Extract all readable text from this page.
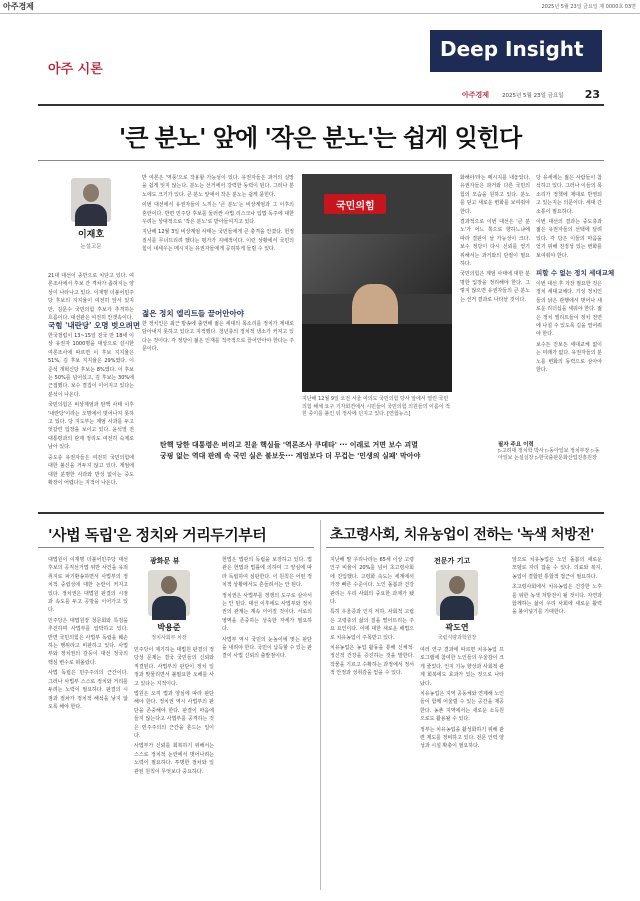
아주경제	2025년 5월 23일 금요일 제 0000호 03면
아주 시론
Deep Insight
아주경제 2025년 5월 23일 금요일 23
'큰 분노' 앞에 '작은 분노'는 쉽게 잊힌다
이재호
논설고문

21대 대선이 종반으로 치닫고 있다. 여론조사에서 후보 간 격차가 좁혀지는 양상이 나타나고 있다. 이재명 더불어민주당 후보의 지지율이 여전히 앞서 있지만, 김문수 국민의힘 후보가 추격하는 흐름이다. 대선판은 여전히 안갯속이다.

국힘 '내란당' 오명 벗으려면

한국갤럽이 13~15일 전국 만 18세 이상 유권자 1000명을 대상으로 실시한 여론조사에 따르면 이 후보 지지율은 51%, 김 후보 지지율은 29%였다. 이준석 개혁신당 후보는 8%였다. 이 후보는 50%를 넘어섰고, 김 후보는 30%에 근접했다. 보수 결집이 이어지고 있다는 분석이 나온다.

국민의힘은 비상계엄과 탄핵 사태 이후 '내란당'이라는 오명에서 벗어나지 못하고 있다. 당 지도부는 계엄 사과를 두고 엇갈린 입장을 보이고 있다. 윤석열 전 대통령과의 관계 정리도 여전히 숙제로 남아 있다.

중도층 유권자들은 여전히 국민의힘에 대한 불신을 거두지 않고 있다. 계엄에 대한 분명한 사과와 반성 없이는 중도 확장이 어렵다는 지적이 나온다.

반 여론은 '역풍'으로 작용할 가능성이 있다. 유권자들은 과거의 실망을 쉽게 잊지 않는다. 분노는 선거에서 강력한 동력이 된다. 그러나 분노에도 크기가 있다. 큰 분노 앞에서 작은 분노는 쉽게 묻힌다.

이번 대선에서 유권자들이 느끼는 '큰 분노'는 비상계엄과 그 이후의 혼란이다. 반면 민주당 후보를 둘러싼 사법 리스크나 입법 독주에 대한 우려는 상대적으로 '작은 분노'로 받아들여지고 있다.

지난해 12월 3일 비상계엄 사태는 국민들에게 큰 충격을 안겼다. 헌정 질서를 무너뜨리려 했다는 평가가 지배적이다. 이런 상황에서 국민의힘이 내세우는 메시지는 유권자들에게 공허하게 들릴 수 있다.

젊은 정치 엘리트들 끌어안아야

한 정치인은 최근 방송에 출연해 젊은 세대의 목소리를 정치가 제대로 담아내지 못하고 있다고 지적했다. 청년층의 정치적 냉소가 커지고 있다는 것이다. 각 정당이 젊은 인재를 적극적으로 끌어안아야 한다는 주문이다.

국민의힘
지난해 12월 9일 오전 서울 여의도 국민의힘 당사 앞에서 열린 국민의힘 해체 요구 기자회견에서 시민들이 국민의힘 의원들의 이름이 적힌 종이를 붙인 뒤 정사에 던지고 있다. [연합뉴스]

화해야'라는 메시지를 내놓았다. 유권자들은 과거와 다른 국민의힘의 모습을 원하고 있다. 분노를 딛고 새로운 변화를 보여줘야 한다.

결과적으로 이번 대선은 '큰 분노'가 어느 쪽으로 향하느냐에 따라 결판이 날 가능성이 크다. 보수 정당이 다시 신뢰를 얻기 위해서는 과거와의 단절이 필요하다.

국민의힘은 계엄 사태에 대한 분명한 입장을 정리해야 한다. 그렇지 않으면 유권자들의 큰 분노는 선거 결과로 나타날 것이다.

당 유세에는 젊은 사람들이 참석하고 있다. 그러나 이들의 목소리가 정책에 제대로 반영되고 있는지는 의문이다. 세대 간 소통이 필요하다.

이번 대선의 결과는 중도층과 젊은 유권자들의 선택에 달려 있다. 각 당은 이들의 마음을 얻기 위해 진정성 있는 변화를 보여줘야 한다.

피할 수 없는 정치 세대교체

이번 대선 후 가장 필요한 것은 정치 세대교체다. 기성 정치인들의 낡은 관행에서 벗어나 새로운 리더십을 세워야 한다. 젊은 정치 엘리트들이 정치 전면에 나설 수 있도록 길을 열어줘야 한다.

보수든 진보든 세대교체 없이는 미래가 없다. 유권자들의 분노를 변화의 동력으로 삼아야 한다.

탄핵 당한 대통령은 버리고 친윤 핵심들 '역론조사 쿠데타' ··· 이래로 거면 보수 괴멸
궁핑 없는 역대 판례 속 국민 실은 불보듯··· 계엄보다 더 무겁는 '민생의 실패' 막아야
필자 주요 이력
▷고려대 정치학 박사 ▷동아일보 정치부장 ▷동아일보 논설실장 ▷한국출판문화산업진흥원장
'사법 독립'은 정치와 거리두기부터

대법원이 이재명 더불어민주당 대선 후보의 공직선거법 위반 사건을 유죄 취지로 파기환송하면서 사법부의 정치적 중립성에 대한 논란이 커지고 있다. 정치권은 대법원 판결의 시점과 속도를 두고 공방을 이어가고 있다.

민주당은 대법원장 청문회와 특검을 추진하며 사법부를 압박하고 있다. 반면 국민의힘은 사법부 독립을 훼손하는 행위라고 비판하고 있다. 사법부와 정치권의 갈등이 대선 정국의 핵심 변수로 떠올랐다.

사법 독립은 민주주의의 근간이다. 그러나 사법부 스스로 정치와 거리를 두려는 노력이 필요하다. 판결의 시점과 절차가 정치적 해석을 낳지 않도록 해야 한다.

광화문 뷰
박용준
정치사회부 차장

민주당이 제기하는 대법원 판결의 정당성 문제는 결국 국민들의 신뢰와 직결된다. 사법부의 판단이 정치 일정과 맞물리면서 불필요한 오해를 사고 있다는 지적이다.

법원은 오직 법과 양심에 따라 판단해야 한다. 정치권 역시 사법부의 판단을 존중해야 한다. 판결이 마음에 들지 않는다고 사법부를 공격하는 것은 민주주의의 근간을 흔드는 일이다.

사법부가 신뢰를 회복하기 위해서는 스스로 정치적 논란에서 벗어나려는 노력이 필요하다. 투명한 절차와 일관된 원칙이 무엇보다 중요하다.

헌법은 법관의 독립을 보장하고 있다. 법관은 헌법과 법률에 의하여 그 양심에 따라 독립하여 심판한다. 이 원칙은 어떤 정치적 상황에서도 흔들려서는 안 된다.

정치권은 사법부를 정쟁의 도구로 삼아서는 안 된다. 대선 이후에도 사법부와 정치권의 관계는 계속 이어질 것이다. 서로의 영역을 존중하는 성숙한 자세가 필요하다.

사법부 역시 국민의 눈높이에 맞는 판단을 내려야 한다. 국민이 납득할 수 있는 판결이 사법 신뢰의 출발점이다.

초고령사회, 치유농업이 전하는 '녹색 처방전'

지난해 말 우리나라는 65세 이상 고령인구 비율이 20%를 넘어 초고령사회에 진입했다. 고령화 속도는 세계에서 가장 빠른 수준이다. 노인 돌봄과 건강 관리는 우리 사회의 중요한 과제가 됐다.

특히 우울증과 인지 저하, 사회적 고립은 고령층의 삶의 질을 떨어뜨리는 주요 요인이다. 이에 대한 새로운 해법으로 치유농업이 주목받고 있다.

치유농업은 농업 활동을 통해 신체적·정신적 건강을 증진하는 것을 말한다. 작물을 기르고 수확하는 과정에서 정서적 안정과 성취감을 얻을 수 있다.

전문가 기고
곽도연
국립식량과학원장

여러 연구 결과에 따르면 치유농업 프로그램에 참여한 노인들의 우울감이 크게 줄었다. 인지 기능 향상과 사회적 관계 회복에도 효과가 있는 것으로 나타났다.

치유농업은 지역 공동체와 연계해 노인들이 함께 어울릴 수 있는 공간을 제공한다. 농촌 지역에서는 새로운 소득원으로도 활용될 수 있다.

정부는 치유농업을 활성화하기 위해 관련 제도를 정비하고 있다. 전문 인력 양성과 시설 확충이 필요하다.

앞으로 치유농업은 노인 돌봄의 새로운 모델로 자리 잡을 수 있다. 의료와 복지, 농업이 결합된 통합적 접근이 필요하다.

초고령사회에서 치유농업은 건강한 노후를 위한 녹색 처방전이 될 것이다. 자연과 함께하는 삶이 우리 사회에 새로운 활력을 불어넣기를 기대한다.
